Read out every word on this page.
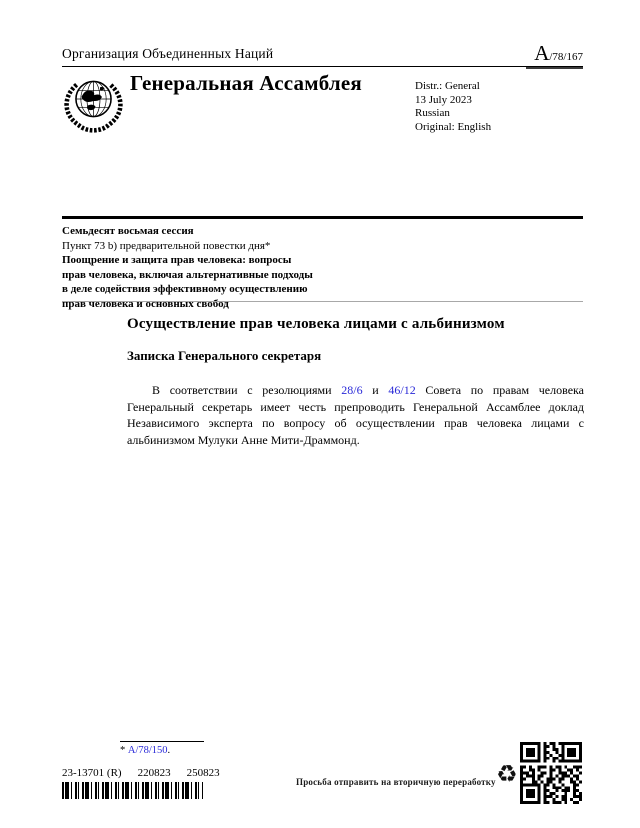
Организация Объединенных Наций	A/78/167
Генеральная Ассамблея	Distr.: General
13 July 2023
Russian
Original: English
Семьдесят восьмая сессия
Пункт 73 b) предварительной повестки дня*
Поощрение и защита прав человека: вопросы
прав человека, включая альтернативные подходы
в деле содействия эффективному осуществлению
прав человека и основных свобод
Осуществление прав человека лицами с альбинизмом
Записка Генерального секретаря

В соответствии с резолюциями 28/6 и 46/12 Совета по правам человека Генеральный секретарь имеет честь препроводить Генеральной Ассамблее доклад Независимого эксперта по вопросу об осуществлении прав человека лицами с альбинизмом Мулуки Анне Мити-Драммонд.

* A/78/150.
23-13701 (R) 220823 250823
Просьба отправить на вторичную переработку ♻
